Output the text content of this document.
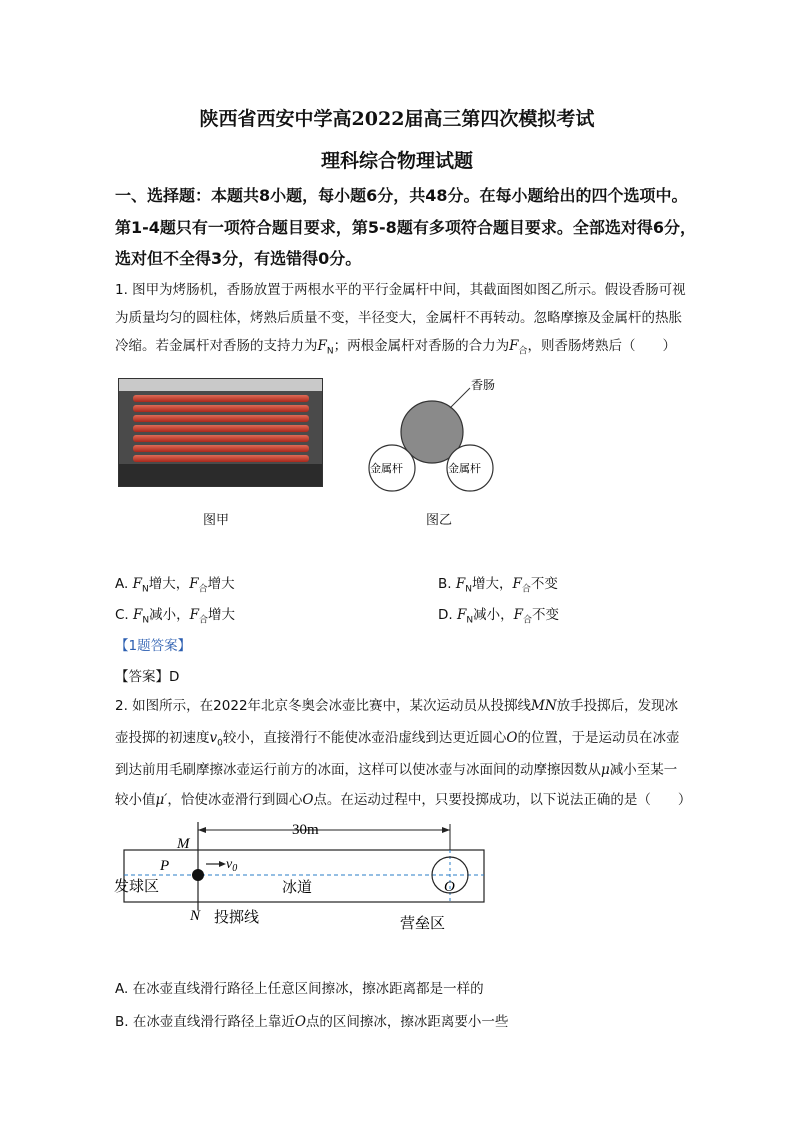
陕西省西安中学高2022届高三第四次模拟考试
理科综合物理试题
一、选择题：本题共8小题，每小题6分，共48分。在每小题给出的四个选项中。
第1-4题只有一项符合题目要求，第5-8题有多项符合题目要求。全部选对得6分，
选对但不全得3分，有选错得0分。
1. 图甲为烤肠机，香肠放置于两根水平的平行金属杆中间，其截面图如图乙所示。假设香肠可视
为质量均匀的圆柱体，烤熟后质量不变，半径变大，金属杆不再转动。忽略摩擦及金属杆的热胀
冷缩。若金属杆对香肠的支持力为$F_N$；两根金属杆对香肠的合力为$F_合$，则香肠烤熟后（　　）
图甲
香肠
金属杆	金属杆
图乙
A. $F_N$增大，$F_合$增大	B. $F_N$增大，$F_合$不变
C. $F_N$减小，$F_合$增大	D. $F_N$减小，$F_合$不变
【1题答案】
【答案】D
2. 如图所示，在2022年北京冬奥会冰壶比赛中，某次运动员从投掷线MN放手投掷后，发现冰
壶投掷的初速度$v_0$较小，直接滑行不能使冰壶沿虚线到达更近圆心O的位置，于是运动员在冰壶
到达前用毛刷摩擦冰壶运行前方的冰面，这样可以使冰壶与冰面间的动摩擦因数从μ减小至某一
较小值μ′，恰使冰壶滑行到圆心O点。在运动过程中，只要投掷成功，以下说法正确的是（　　）
30m
M
N
P	$v_0$
O
发球区	冰道
投掷线	营垒区
A. 在冰壶直线滑行路径上任意区间擦冰，擦冰距离都是一样的
B. 在冰壶直线滑行路径上靠近O点的区间擦冰，擦冰距离要小一些
